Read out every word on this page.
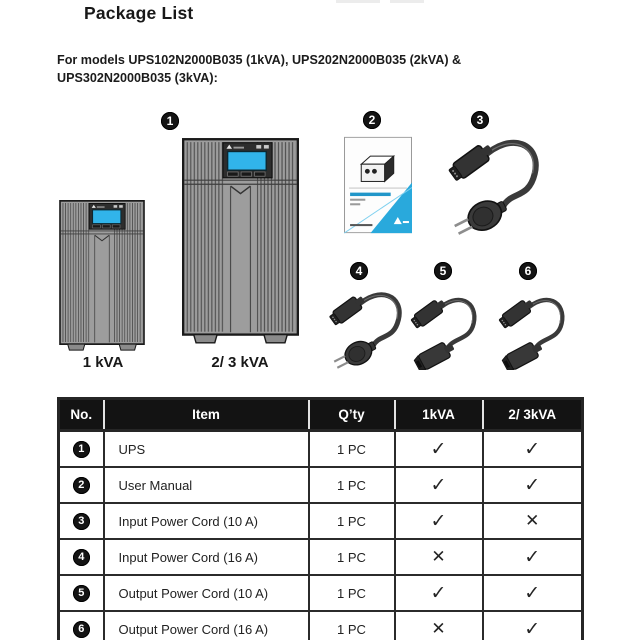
Package List
For models UPS102N2000B035 (1kVA), UPS202N2000B035 (2kVA) &
UPS302N2000B035 (3kVA):
1
1 kVA	2/ 3 kVA
2	3
4	5	6
No.	Item	Q’ty	1kVA	2/ 3kVA

1	UPS	1 PC	✓	✓

2	User Manual	1 PC	✓	✓

3	Input Power Cord (10 A)	1 PC	✓	✕

4	Input Power Cord (16 A)	1 PC	✕	✓

5	Output Power Cord (10 A)	1 PC	✓	✓

6	Output Power Cord (16 A)	1 PC	✕	✓
